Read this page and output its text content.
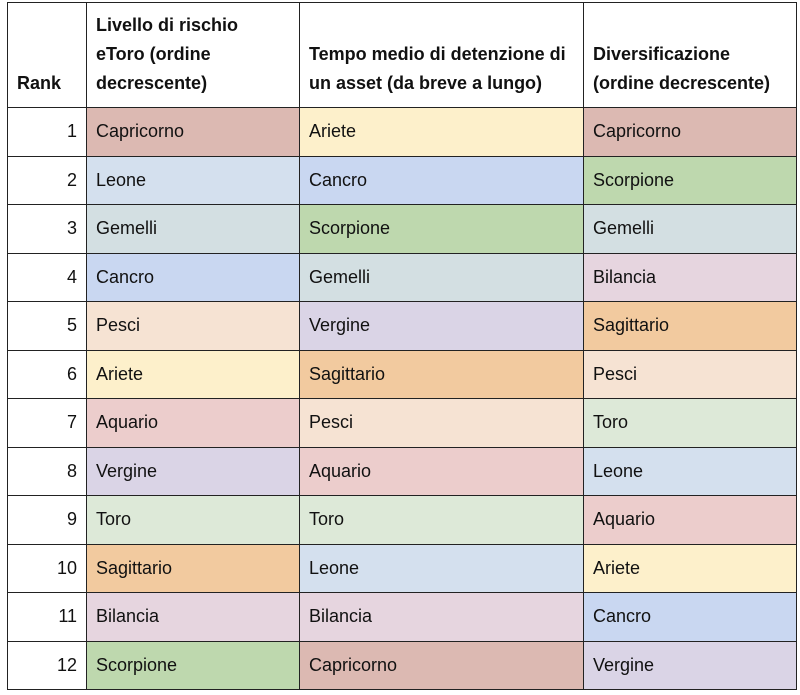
Rank	Livello di rischio eToro (ordine decrescente)	Tempo medio di detenzione di un asset (da breve a lungo)	Diversificazione (ordine decrescente)
1	Capricorno	Ariete	Capricorno
2	Leone	Cancro	Scorpione
3	Gemelli	Scorpione	Gemelli
4	Cancro	Gemelli	Bilancia
5	Pesci	Vergine	Sagittario
6	Ariete	Sagittario	Pesci
7	Aquario	Pesci	Toro
8	Vergine	Aquario	Leone
9	Toro	Toro	Aquario
10	Sagittario	Leone	Ariete
11	Bilancia	Bilancia	Cancro
12	Scorpione	Capricorno	Vergine
